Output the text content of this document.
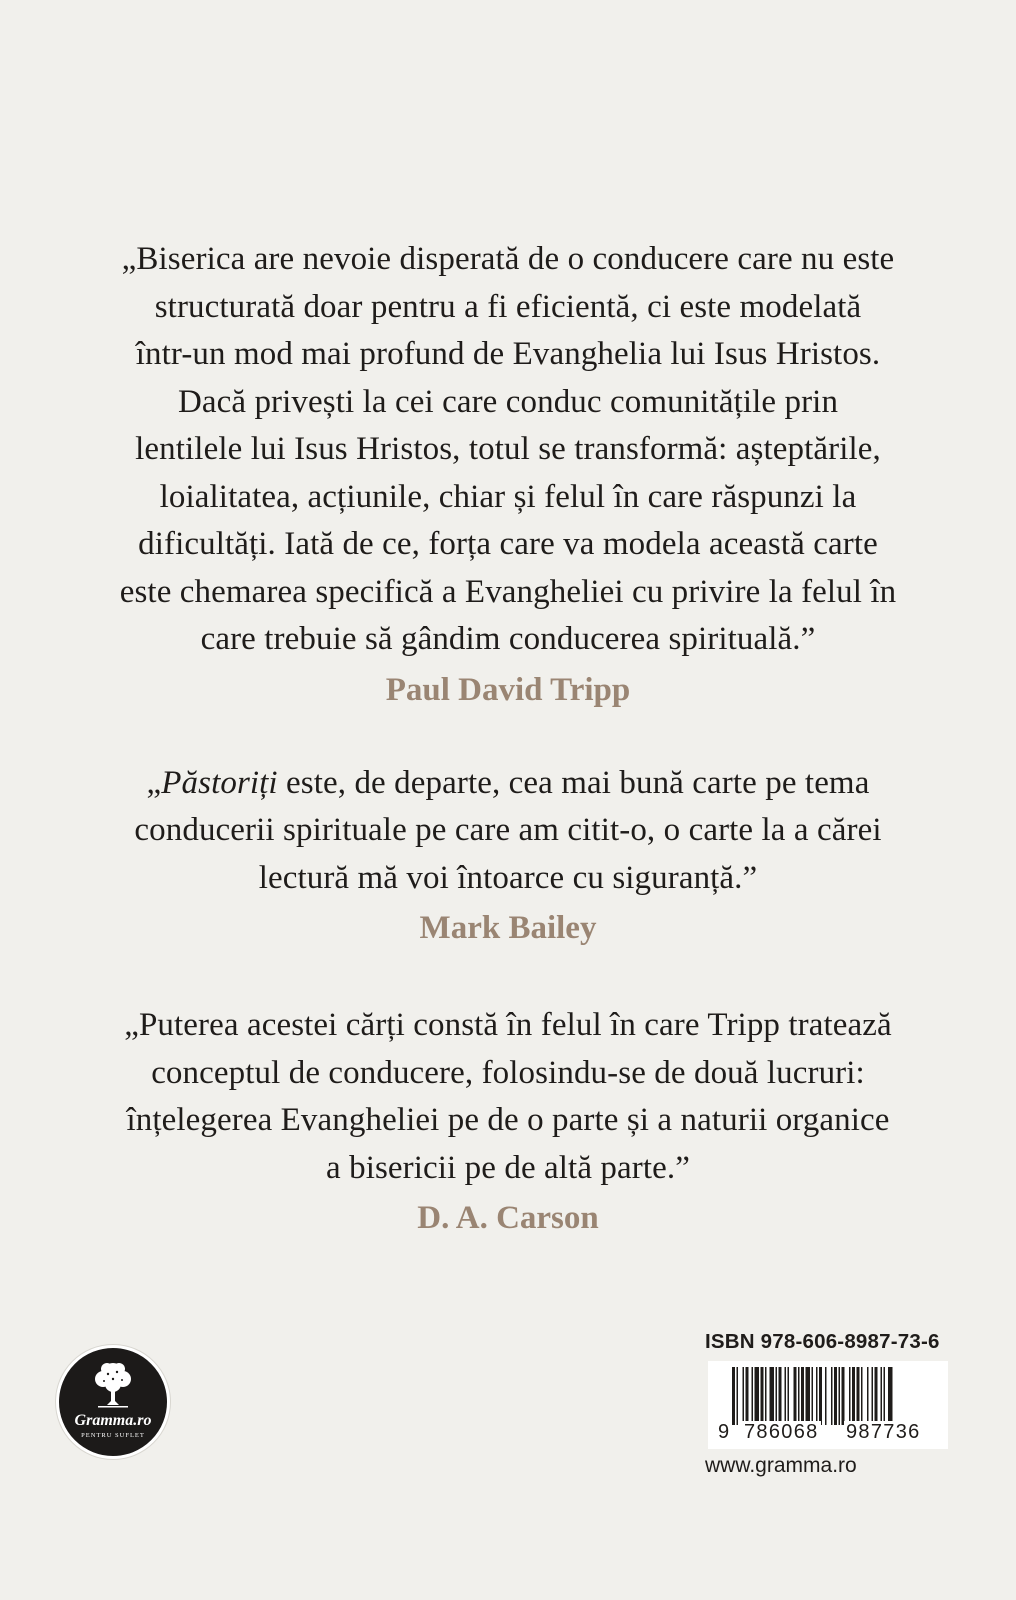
„Biserica are nevoie disperată de o conducere care nu este
structurată doar pentru a fi eficientă, ci este modelată
într-un mod mai profund de Evanghelia lui Isus Hristos.
Dacă privești la cei care conduc comunitățile prin
lentilele lui Isus Hristos, totul se transformă: așteptările,
loialitatea, acțiunile, chiar și felul în care răspunzi la
dificultăți. Iată de ce, forța care va modela această carte
este chemarea specifică a Evangheliei cu privire la felul în
care trebuie să gândim conducerea spirituală.”

Paul David Tripp

„Păstoriți este, de departe, cea mai bună carte pe tema
conducerii spirituale pe care am citit-o, o carte la a cărei
lectură mă voi întoarce cu siguranță.”

Mark Bailey

„Puterea acestei cărți constă în felul în care Tripp tratează
conceptul de conducere, folosindu-se de două lucruri:
înțelegerea Evangheliei pe de o parte și a naturii organice
a bisericii pe de altă parte.”

D. A. Carson
Gramma.ro
PENTRU SUFLET
ISBN 978-606-8987-73-6
9 786068 987736
www.gramma.ro
